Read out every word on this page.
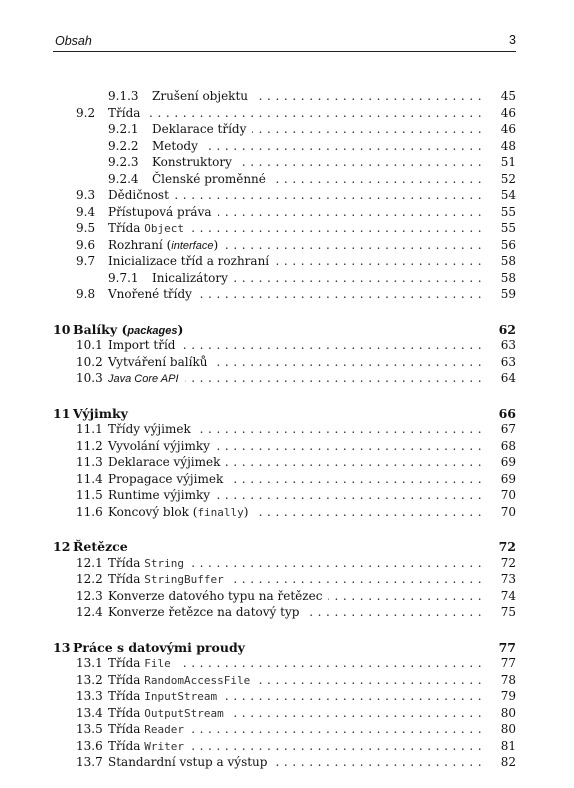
Obsah	3
9.1.3 Zrušení objektu	45
. . .
9.2 Třída	46
. . .
9.2.1 Deklarace třídy	46
. . .
9.2.2 Metody	48
. . .
9.2.3 Konstruktory	51
. . .
9.2.4 Členské proměnné	52
. . .
9.3 Dědičnost	54
. . .
9.4 Přístupová práva	55
. . .
9.5 Třída Object	55
. . .
9.6 Rozhraní (interface)	56
. . .
9.7 Inicializace tříd a rozhraní	58
. . .
9.7.1 Inicalizátory	58
. . .
9.8 Vnořené třídy	59
. . .
10 Balíky (packages)	62
10.1 Import tříd	63
. . .
10.2 Vytváření balíků	63
. . .
10.3 Java Core API	64
. . .
11 Výjimky	66
11.1 Třídy výjimek	67
. . .
11.2 Vyvolání výjimky	68
. . .
11.3 Deklarace výjimek	69
. . .
11.4 Propagace výjimek	69
. . .
11.5 Runtime výjimky	70
. . .
11.6 Koncový blok (finally)	70
. . .
12 Řetězce	72
12.1 Třída String	72
. . .
12.2 Třída StringBuffer	73
. . .
12.3 Konverze datového typu na řetězec	74
. . .
12.4 Konverze řetězce na datový typ	75
. . .
13 Práce s datovými proudy	77
13.1 Třída File	77
. . .
13.2 Třída RandomAccessFile	78
. . .
13.3 Třída InputStream	79
. . .
13.4 Třída OutputStream	80
. . .
13.5 Třída Reader	80
. . .
13.6 Třída Writer	81
. . .
13.7 Standardní vstup a výstup	82
. . .
